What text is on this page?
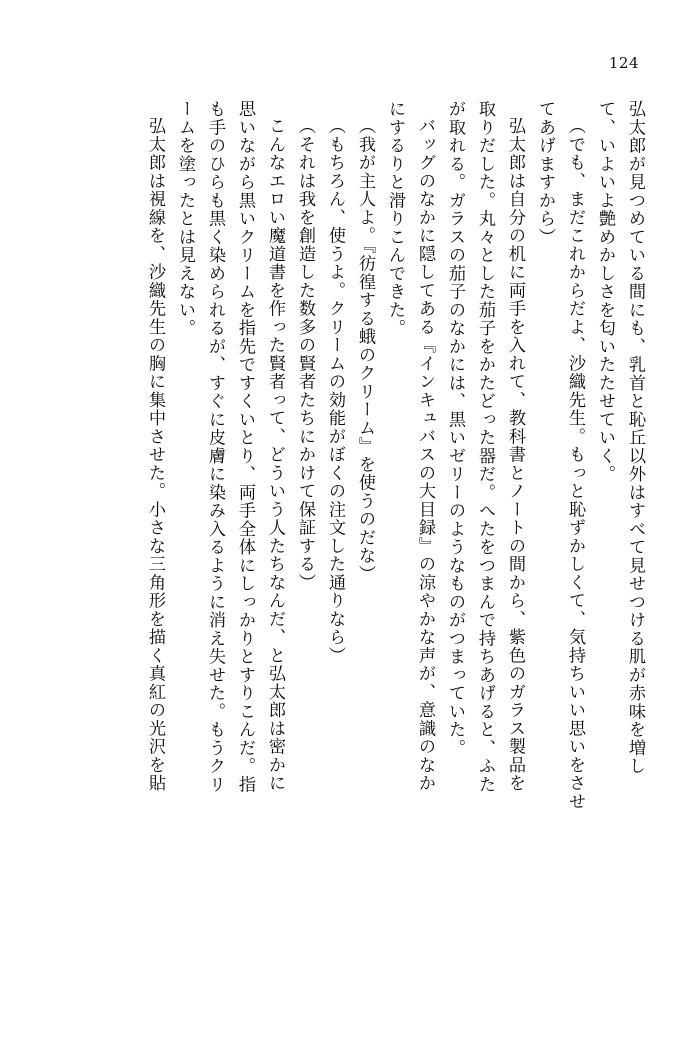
124
弘太郎が見つめている間にも、乳首と恥丘以外はすべて見せつける肌が赤味を増し
て、いよいよ艶めかしさを匂いたたせていく。
（でも、まだこれからだよ、沙織先生。もっと恥ずかしくて、気持ちいい思いをさせ
てあげますから）
弘太郎は自分の机に両手を入れて、教科書とノートの間から、紫色のガラス製品を
取りだした。丸々とした茄子をかたどった器だ。へたをつまんで持ちあげると、ふた
が取れる。ガラスの茄子のなかには、黒いゼリーのようなものがつまっていた。
バッグのなかに隠してある『インキュバスの大目録』の涼やかな声が、意識のなか
にするりと滑りこんできた。
（我が主人よ。『彷徨する蛾のクリーム』を使うのだな）
（もちろん、使うよ。クリームの効能がぼくの注文した通りなら）
（それは我を創造した数多の賢者たちにかけて保証する）
こんなエロい魔道書を作った賢者って、どういう人たちなんだ、と弘太郎は密かに
思いながら黒いクリームを指先ですくいとり、両手全体にしっかりとすりこんだ。指
も手のひらも黒く染められるが、すぐに皮膚に染み入るように消え失せた。もうクリ
ームを塗ったとは見えない。
弘太郎は視線を、沙織先生の胸に集中させた。小さな三角形を描く真紅の光沢を貼
